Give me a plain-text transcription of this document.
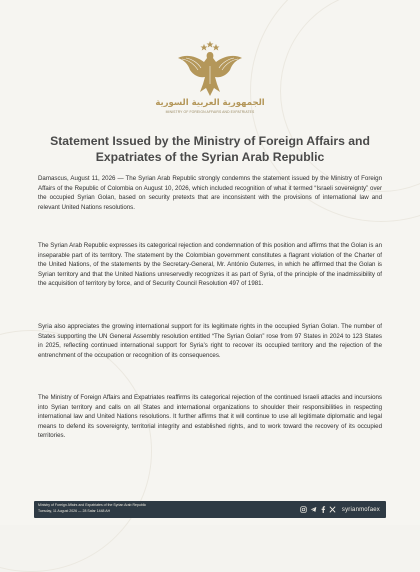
الجمهورية العربية السورية
MINISTRY OF FOREIGN AFFAIRS AND EXPATRIATES
Statement Issued by the Ministry of Foreign Affairs and
Expatriates of the Syrian Arab Republic

Damascus, August 11, 2026 — The Syrian Arab Republic strongly condemns the statement issued by the Ministry of Foreign Affairs of the Republic of Colombia on August 10, 2026, which included recognition of what it termed “Israeli sovereignty” over the occupied Syrian Golan, based on security pretexts that are inconsistent with the provisions of international law and relevant United Nations resolutions.

The Syrian Arab Republic expresses its categorical rejection and condemnation of this position and affirms that the Golan is an inseparable part of its territory. The statement by the Colombian government constitutes a flagrant violation of the Charter of the United Nations, of the statements by the Secretary-General, Mr. António Guterres, in which he affirmed that the Golan is Syrian territory and that the United Nations unreservedly recognizes it as part of Syria, of the principle of the inadmissibility of the acquisition of territory by force, and of Security Council Resolution 497 of 1981.

Syria also appreciates the growing international support for its legitimate rights in the occupied Syrian Golan. The number of States supporting the UN General Assembly resolution entitled “The Syrian Golan” rose from 97 States in 2024 to 123 States in 2025, reflecting continued international support for Syria’s right to recover its occupied territory and the rejection of the entrenchment of the occupation or recognition of its consequences.

The Ministry of Foreign Affairs and Expatriates reaffirms its categorical rejection of the continued Israeli attacks and incursions into Syrian territory and calls on all States and international organizations to shoulder their responsibilities in respecting international law and United Nations resolutions. It further affirms that it will continue to use all legitimate diplomatic and legal means to defend its sovereignty, territorial integrity and established rights, and to work toward the recovery of its occupied territories.

Ministry of Foreign Affairs and Expatriates of the Syrian Arab Republic
Tuesday, 11 August 2026 — 28 Safar 1448 AH	syrianmofaex
